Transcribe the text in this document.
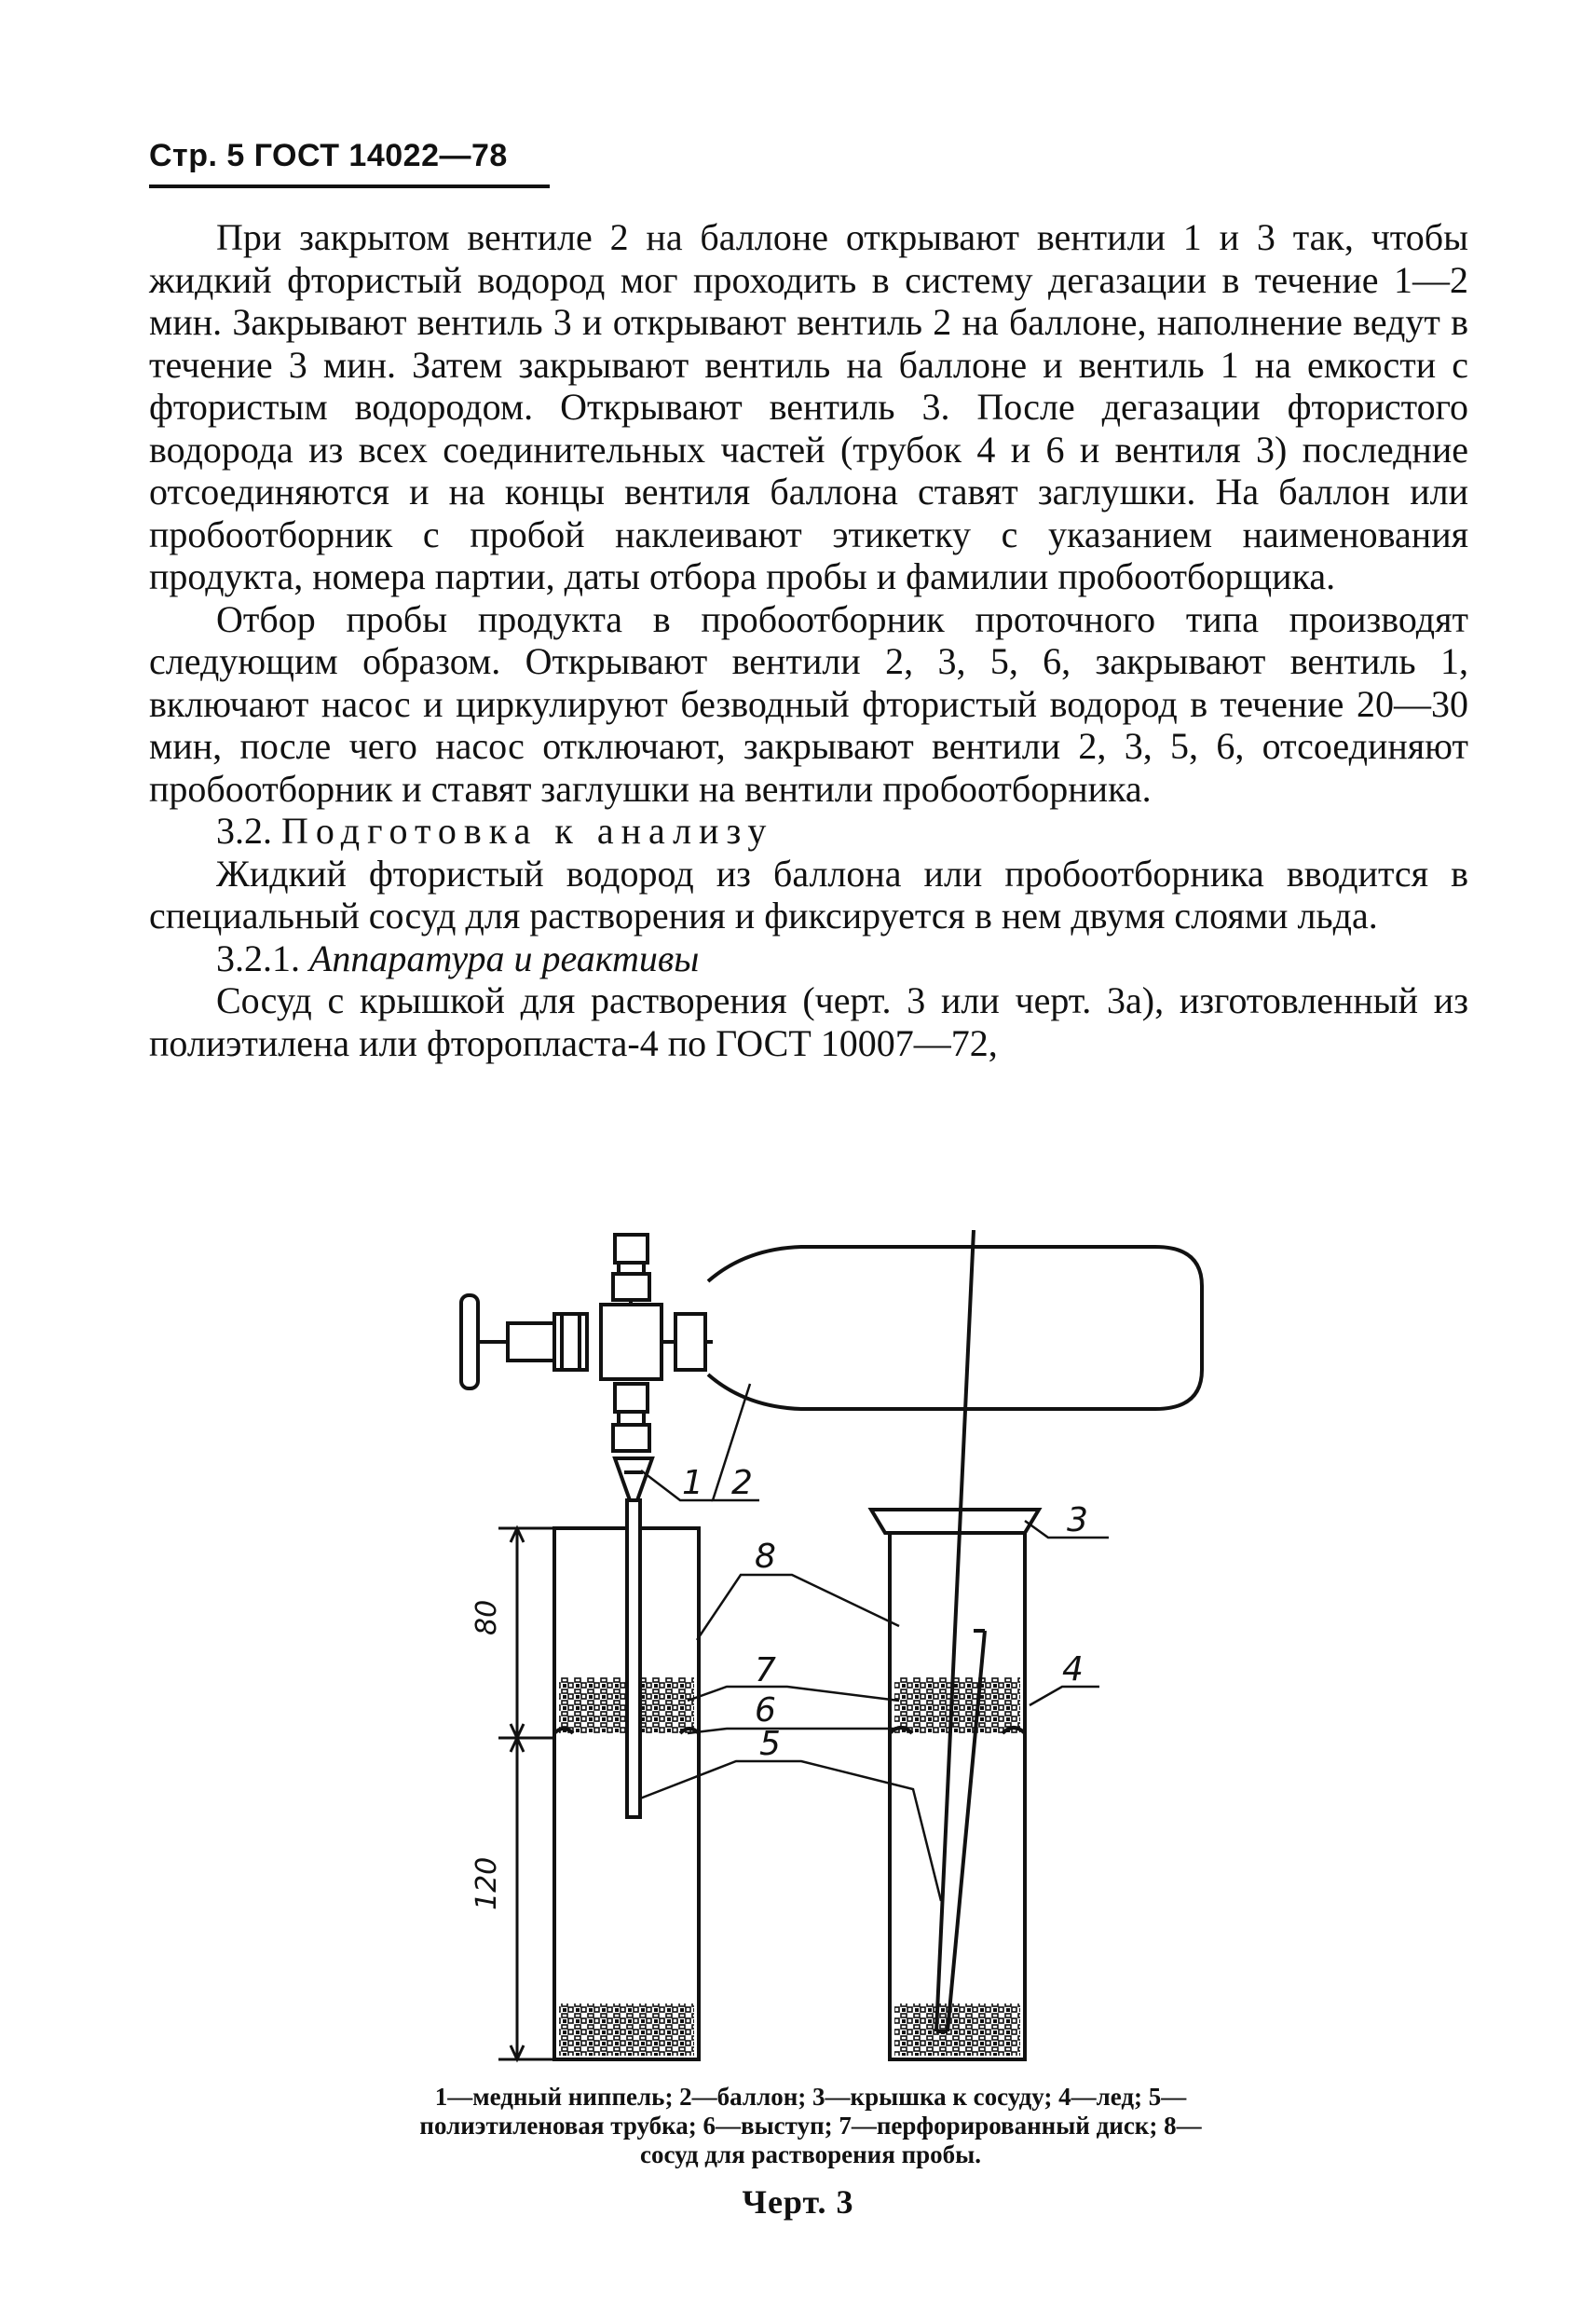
Стр. 5 ГОСТ 14022—78

При закрытом вентиле 2 на баллоне открывают вентили 1 и 3 так, чтобы жидкий фтористый водород мог проходить в систему дегазации в течение 1—2 мин. Закрывают вентиль 3 и открывают вентиль 2 на баллоне, наполнение ведут в течение 3 мин. Затем закрывают вентиль на баллоне и вентиль 1 на емкости с фтористым водородом. Открывают вентиль 3. После дегазации фтористого водорода из всех соединительных частей (трубок 4 и 6 и вентиля 3) последние отсоединяются и на концы вентиля баллона ставят заглушки. На баллон или пробоотборник с пробой наклеивают этикетку с указанием наименования продукта, номера партии, даты отбора пробы и фамилии пробоотборщика.

Отбор пробы продукта в пробоотборник проточного типа производят следующим образом. Открывают вентили 2, 3, 5, 6, закрывают вентиль 1, включают насос и циркулируют безводный фтористый водород в течение 20—30 мин, после чего насос отключают, закрывают вентили 2, 3, 5, 6, отсоединяют пробоотборник и ставят заглушки на вентили пробоотборника.

3.2. Подготовка к анализу

Жидкий фтористый водород из баллона или пробоотборника вводится в специальный сосуд для растворения и фиксируется в нем двумя слоями льда.

3.2.1. Аппаратура и реактивы

Сосуд с крышкой для растворения (черт. 3 или черт. 3а), изготовленный из полиэтилена или фторопласта-4 по ГОСТ 10007—72,

80
120
1 2
3
4
5
6
7
8
1—медный ниппель; 2—баллон; 3—крышка к сосуду; 4—лед; 5—полиэтиленовая трубка; 6—выступ; 7—перфорированный диск; 8—сосуд для растворения пробы.
Черт. 3
